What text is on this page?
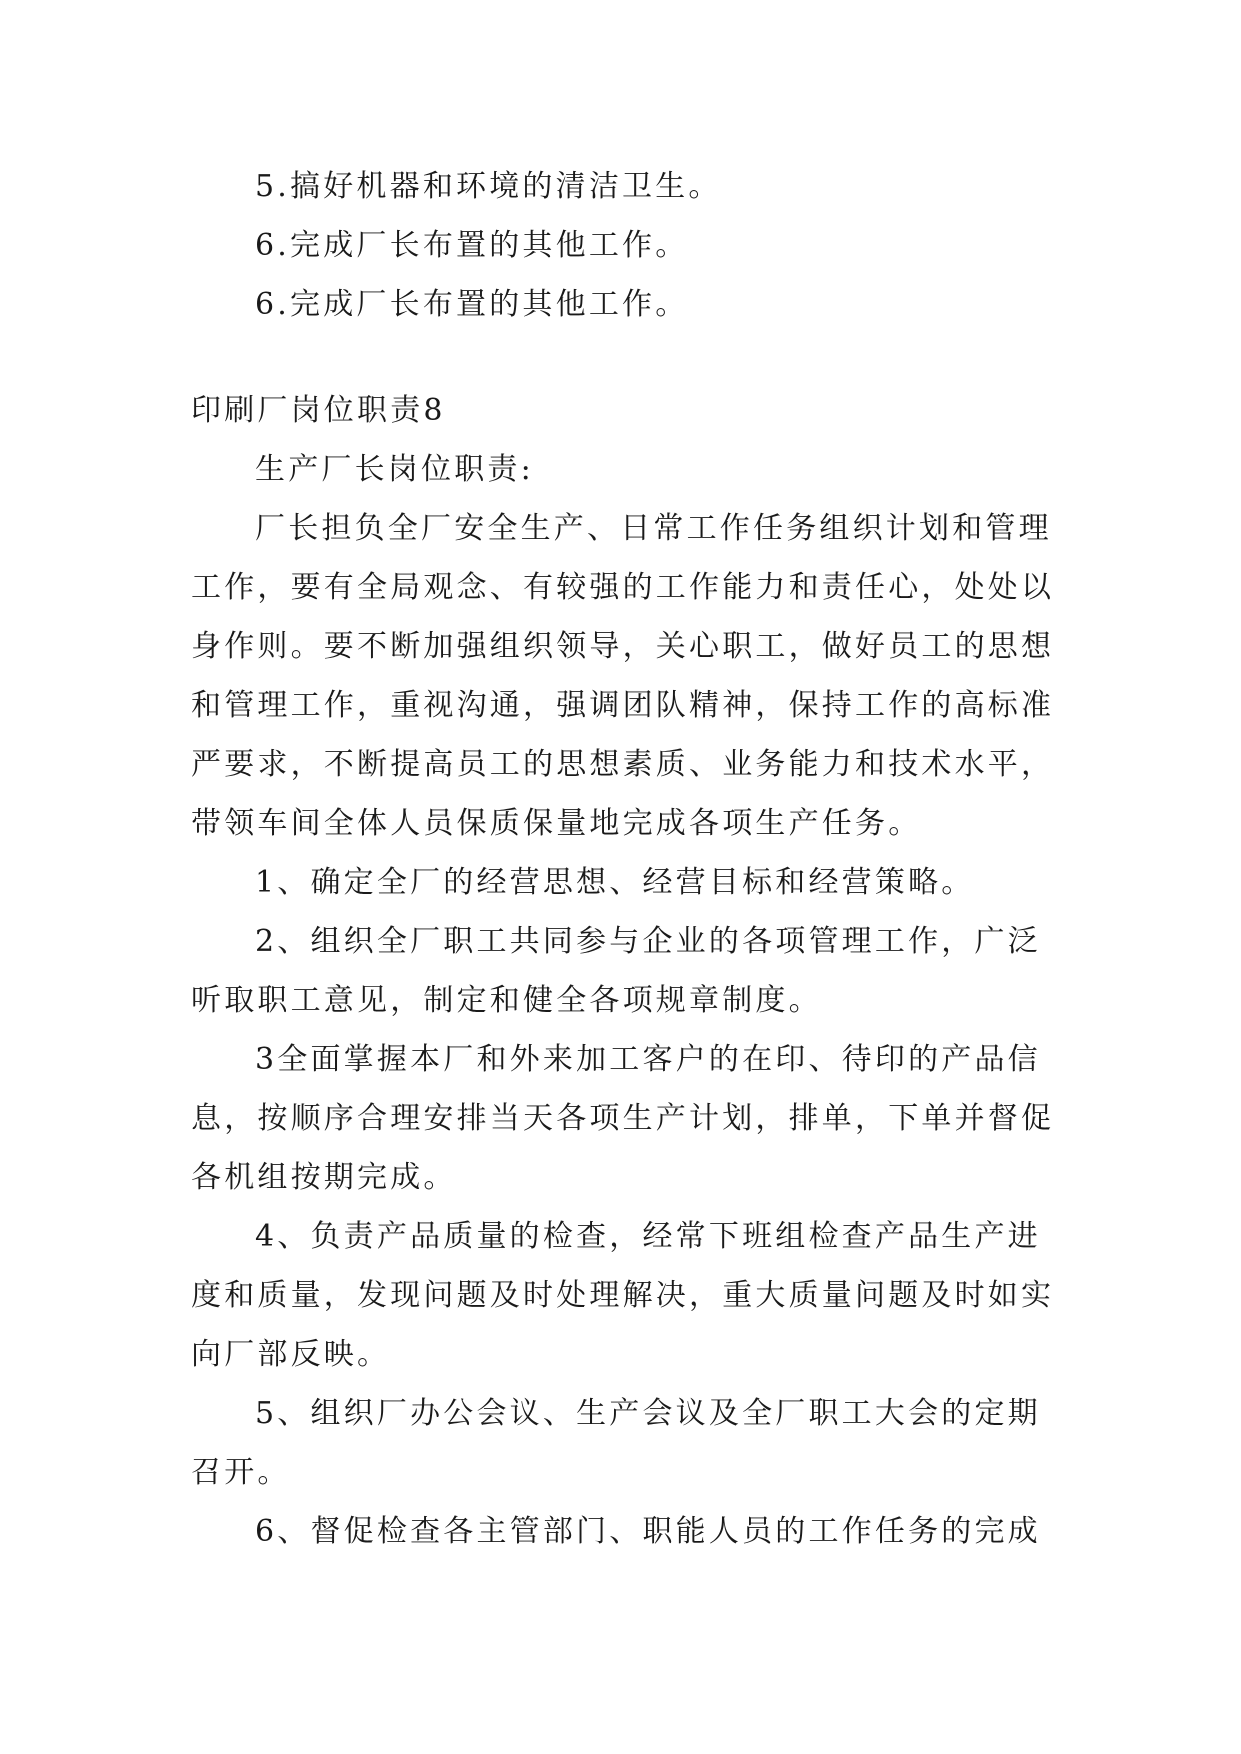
5.搞好机器和环境的清洁卫生。
6.完成厂长布置的其他工作。
6.完成厂长布置的其他工作。
印刷厂岗位职责8
生产厂长岗位职责:
厂长担负全厂安全生产、日常工作任务组织计划和管理
工作，要有全局观念、有较强的工作能力和责任心，处处以
身作则。要不断加强组织领导，关心职工，做好员工的思想
和管理工作，重视沟通，强调团队精神，保持工作的高标准
严要求，不断提高员工的思想素质、业务能力和技术水平，
带领车间全体人员保质保量地完成各项生产任务。
1、确定全厂的经营思想、经营目标和经营策略。
2、组织全厂职工共同参与企业的各项管理工作，广泛
听取职工意见，制定和健全各项规章制度。
3全面掌握本厂和外来加工客户的在印、待印的产品信
息，按顺序合理安排当天各项生产计划，排单，下单并督促
各机组按期完成。
4、负责产品质量的检查，经常下班组检查产品生产进
度和质量，发现问题及时处理解决，重大质量问题及时如实
向厂部反映。
5、组织厂办公会议、生产会议及全厂职工大会的定期
召开。
6、督促检查各主管部门、职能人员的工作任务的完成
